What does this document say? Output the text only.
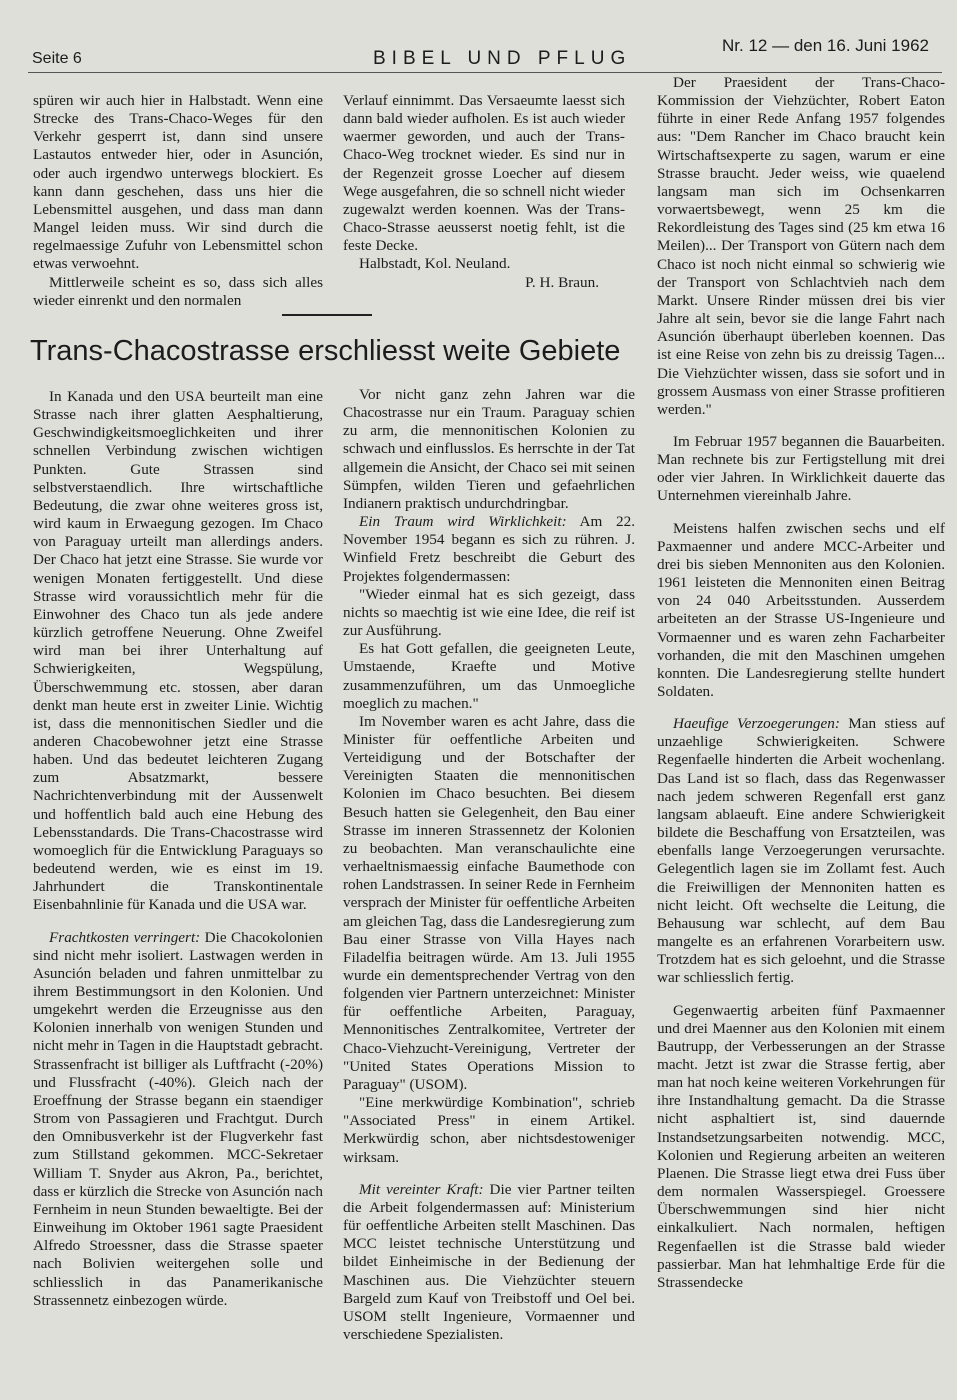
Seite 6	BIBEL UND PFLUG
Nr. 12 — den 16. Juni 1962

spüren wir auch hier in Halbstadt. Wenn eine Strecke des Trans-Chaco-Weges für den Verkehr gesperrt ist, dann sind unsere Lastautos entweder hier, oder in Asunción, oder auch irgendwo unterwegs blockiert. Es kann dann geschehen, dass uns hier die Lebensmittel ausgehen, und dass man dann Mangel leiden muss. Wir sind durch die regelmaessige Zufuhr von Lebensmittel schon etwas verwoehnt.

Mittlerweile scheint es so, dass sich alles wieder einrenkt und den normalen

Verlauf einnimmt. Das Versaeumte laesst sich dann bald wieder aufholen. Es ist auch wieder waermer geworden, und auch der Trans-Chaco-Weg trocknet wieder. Es sind nur in der Regenzeit grosse Loecher auf diesem Wege ausgefahren, die so schnell nicht wieder zugewalzt werden koennen. Was der Trans-Chaco-Strasse aeusserst noetig fehlt, ist die feste Decke.

Halbstadt, Kol. Neuland.

P. H. Braun.

Trans-Chacostrasse erschliesst weite Gebiete

In Kanada und den USA beurteilt man eine Strasse nach ihrer glatten Aesphaltierung, Geschwindigkeitsmoeglichkeiten und ihrer schnellen Verbindung zwischen wichtigen Punkten. Gute Strassen sind selbstverstaendlich. Ihre wirtschaftliche Bedeutung, die zwar ohne weiteres gross ist, wird kaum in Erwaegung gezogen. Im Chaco von Paraguay urteilt man allerdings anders. Der Chaco hat jetzt eine Strasse. Sie wurde vor wenigen Monaten fertiggestellt. Und diese Strasse wird voraussichtlich mehr für die Einwohner des Chaco tun als jede andere kürzlich getroffene Neuerung. Ohne Zweifel wird man bei ihrer Unterhaltung auf Schwierigkeiten, Wegspülung, Überschwemmung etc. stossen, aber daran denkt man heute erst in zweiter Linie. Wichtig ist, dass die mennonitischen Siedler und die anderen Chacobewohner jetzt eine Strasse haben. Und das bedeutet leichteren Zugang zum Absatzmarkt, bessere Nachrichtenverbindung mit der Aussenwelt und hoffentlich bald auch eine Hebung des Lebensstandards. Die Trans-Chacostrasse wird womoeglich für die Entwicklung Paraguays so bedeutend werden, wie es einst im 19. Jahrhundert die Transkontinentale Eisenbahnlinie für Kanada und die USA war.

Frachtkosten verringert: Die Chacokolonien sind nicht mehr isoliert. Lastwagen werden in Asunción beladen und fahren unmittelbar zu ihrem Bestimmungsort in den Kolonien. Und umgekehrt werden die Erzeugnisse aus den Kolonien innerhalb von wenigen Stunden und nicht mehr in Tagen in die Hauptstadt gebracht. Strassenfracht ist billiger als Luftfracht (-20%) und Flussfracht (-40%). Gleich nach der Eroeffnung der Strasse begann ein staendiger Strom von Passagieren und Frachtgut. Durch den Omnibusverkehr ist der Flugverkehr fast zum Stillstand gekommen. MCC-Sekretaer William T. Snyder aus Akron, Pa., berichtet, dass er kürzlich die Strecke von Asunción nach Fernheim in neun Stunden bewaeltigte. Bei der Einweihung im Oktober 1961 sagte Praesident Alfredo Stroessner, dass die Strasse spaeter nach Bolivien weitergehen solle und schliesslich in das Panamerikanische Strassennetz einbezogen würde.

Vor nicht ganz zehn Jahren war die Chacostrasse nur ein Traum. Paraguay schien zu arm, die mennonitischen Kolonien zu schwach und einflusslos. Es herrschte in der Tat allgemein die Ansicht, der Chaco sei mit seinen Sümpfen, wilden Tieren und gefaehrlichen Indianern praktisch undurchdringbar.

Ein Traum wird Wirklichkeit: Am 22. November 1954 begann es sich zu rühren. J. Winfield Fretz beschreibt die Geburt des Projektes folgendermassen:

"Wieder einmal hat es sich gezeigt, dass nichts so maechtig ist wie eine Idee, die reif ist zur Ausführung.

Es hat Gott gefallen, die geeigneten Leute, Umstaende, Kraefte und Motive zusammenzuführen, um das Unmoegliche moeglich zu machen."

Im November waren es acht Jahre, dass die Minister für oeffentliche Arbeiten und Verteidigung und der Botschafter der Vereinigten Staaten die mennonitischen Kolonien im Chaco besuchten. Bei diesem Besuch hatten sie Gelegenheit, den Bau einer Strasse im inneren Strassennetz der Kolonien zu beobachten. Man veranschaulichte eine verhaeltnismaessig einfache Baumethode con rohen Landstrassen. In seiner Rede in Fernheim versprach der Minister für oeffentliche Arbeiten am gleichen Tag, dass die Landesregierung zum Bau einer Strasse von Villa Hayes nach Filadelfia beitragen würde. Am 13. Juli 1955 wurde ein dementsprechender Vertrag von den folgenden vier Partnern unterzeichnet: Minister für oeffentliche Arbeiten, Paraguay, Mennonitisches Zentralkomitee, Vertreter der Chaco-Viehzucht-Vereinigung, Vertreter der "United States Operations Mission to Paraguay" (USOM).

"Eine merkwürdige Kombination", schrieb "Associated Press" in einem Artikel. Merkwürdig schon, aber nichtsdestoweniger wirksam.

Mit vereinter Kraft: Die vier Partner teilten die Arbeit folgendermassen auf: Ministerium für oeffentliche Arbeiten stellt Maschinen. Das MCC leistet technische Unterstützung und bildet Einheimische in der Bedienung der Maschinen aus. Die Viehzüchter steuern Bargeld zum Kauf von Treibstoff und Oel bei. USOM stellt Ingenieure, Vormaenner und verschiedene Spezialisten.

Der Praesident der Trans-Chaco-Kommission der Viehzüchter, Robert Eaton führte in einer Rede Anfang 1957 folgendes aus: "Dem Rancher im Chaco braucht kein Wirtschaftsexperte zu sagen, warum er eine Strasse braucht. Jeder weiss, wie quaelend langsam man sich im Ochsenkarren vorwaertsbewegt, wenn 25 km die Rekordleistung des Tages sind (25 km etwa 16 Meilen)... Der Transport von Gütern nach dem Chaco ist noch nicht einmal so schwierig wie der Transport von Schlachtvieh nach dem Markt. Unsere Rinder müssen drei bis vier Jahre alt sein, bevor sie die lange Fahrt nach Asunción überhaupt überleben koennen. Das ist eine Reise von zehn bis zu dreissig Tagen... Die Viehzüchter wissen, dass sie sofort und in grossem Ausmass von einer Strasse profitieren werden."

Im Februar 1957 begannen die Bauarbeiten. Man rechnete bis zur Fertigstellung mit drei oder vier Jahren. In Wirklichkeit dauerte das Unternehmen viereinhalb Jahre.

Meistens halfen zwischen sechs und elf Paxmaenner und andere MCC-Arbeiter und drei bis sieben Mennoniten aus den Kolonien. 1961 leisteten die Mennoniten einen Beitrag von 24 040 Arbeitsstunden. Ausserdem arbeiteten an der Strasse US-Ingenieure und Vormaenner und es waren zehn Facharbeiter vorhanden, die mit den Maschinen umgehen konnten. Die Landesregierung stellte hundert Soldaten.

Haeufige Verzoegerungen: Man stiess auf unzaehlige Schwierigkeiten. Schwere Regenfaelle hinderten die Arbeit wochenlang. Das Land ist so flach, dass das Regenwasser nach jedem schweren Regenfall erst ganz langsam ablaeuft. Eine andere Schwierigkeit bildete die Beschaffung von Ersatzteilen, was ebenfalls lange Verzoegerungen verursachte. Gelegentlich lagen sie im Zollamt fest. Auch die Freiwilligen der Mennoniten hatten es nicht leicht. Oft wechselte die Leitung, die Behausung war schlecht, auf dem Bau mangelte es an erfahrenen Vorarbeitern usw. Trotzdem hat es sich geloehnt, und die Strasse war schliesslich fertig.

Gegenwaertig arbeiten fünf Paxmaenner und drei Maenner aus den Kolonien mit einem Bautrupp, der Verbesserungen an der Strasse macht. Jetzt ist zwar die Strasse fertig, aber man hat noch keine weiteren Vorkehrungen für ihre Instandhaltung gemacht. Da die Strasse nicht asphaltiert ist, sind dauernde Instandsetzungsarbeiten notwendig. MCC, Kolonien und Regierung arbeiten an weiteren Plaenen. Die Strasse liegt etwa drei Fuss über dem normalen Wasserspiegel. Groessere Überschwemmungen sind hier nicht einkalkuliert. Nach normalen, heftigen Regenfaellen ist die Strasse bald wieder passierbar. Man hat lehmhaltige Erde für die Strassendecke
